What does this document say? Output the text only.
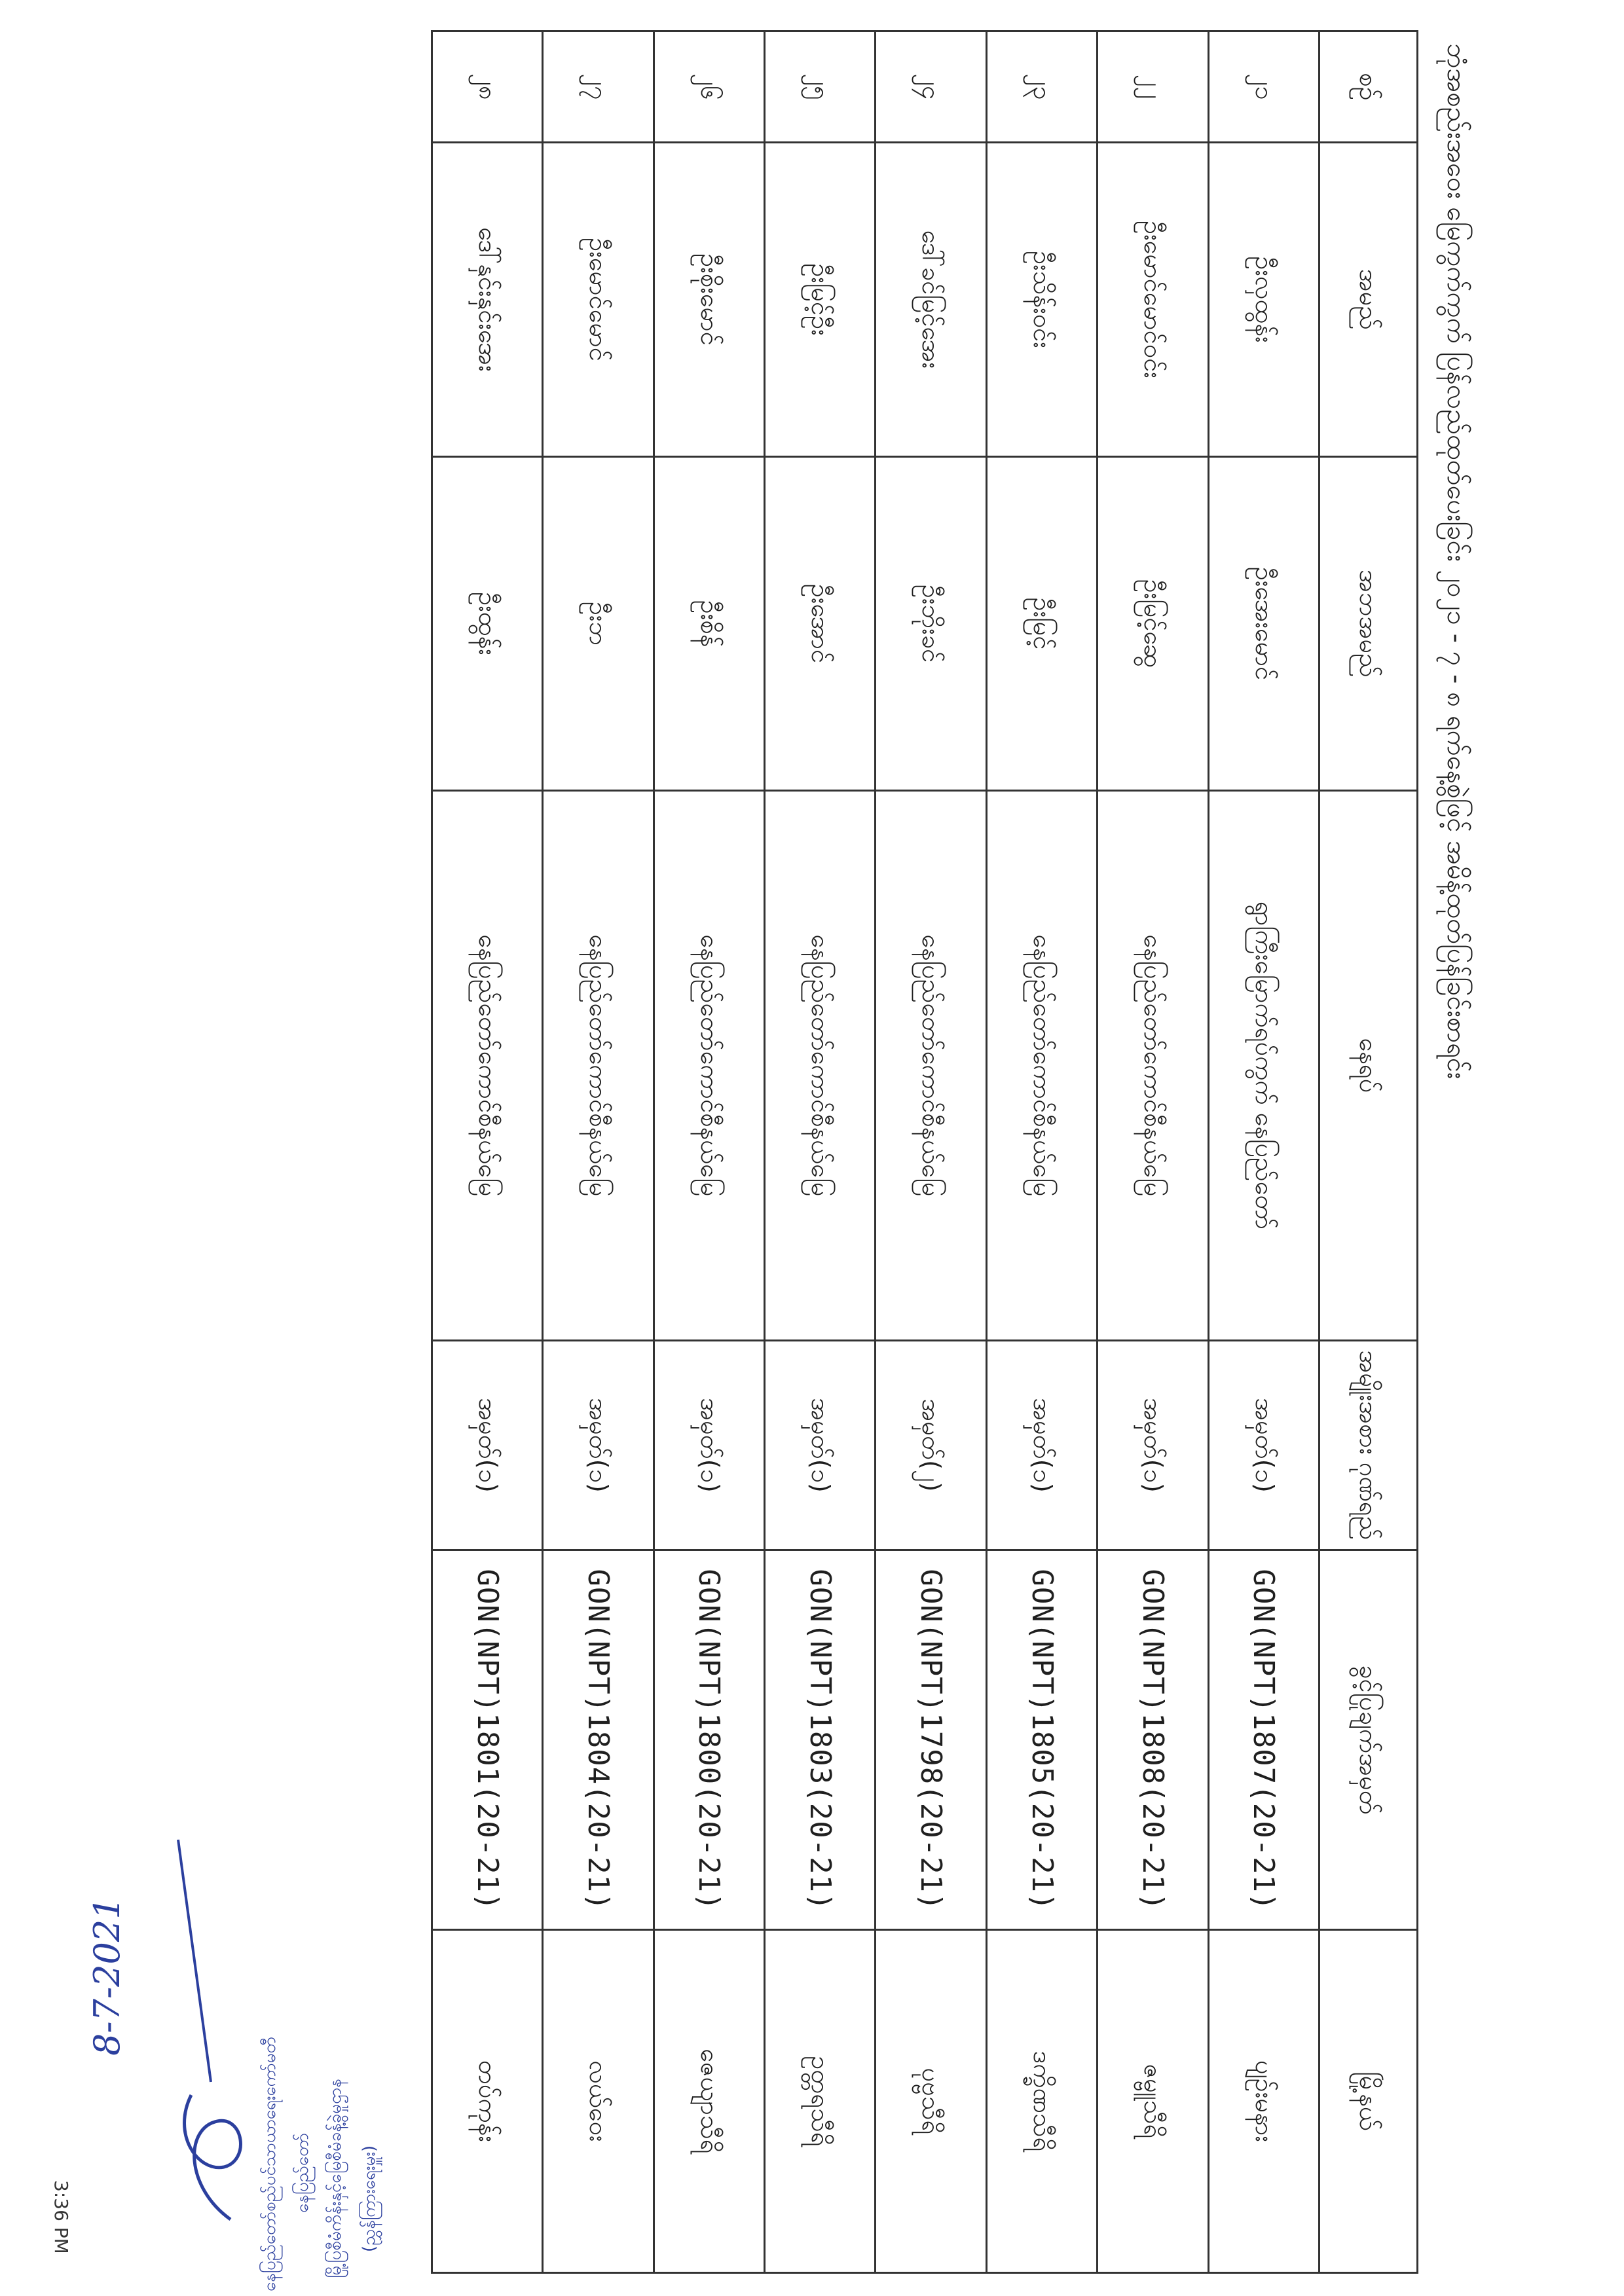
ဘုံအစည်းအဝေး မြေကွက်ကွက် ပြန်လည်ထုတ်ပေးခြင်း ၂၀၂၁ - ၇ - ၈ ရက်နေ့စွဲဖြင့် အမိန့်ထုတ်ပြန်ခြင်းစာရင်း
စဉ်	အမည်	အဘအမည်	နေရပ်	အမျိုးအစား ဂုဏ်ရည်	ခွင့်ပြုချက်အမှတ်	မြို့နယ်
၂၁	ဦးလှထွန်း	ဦးအေးမောင်	ရွာကြီးမြောက်ရပ်ကွက် နေပြည်တော်	အမှတ်(၁)	GON(NPT)1807(20-21)	ပျဉ်းမနား
၂၂	ဦးမောင်မောင်ဝင်း	ဦးမြင့်ဆွေ	နေပြည်တော်ကောင်စီနယ်မြေ	အမှတ်(၁)	GON(NPT)1808(20-21)	ဇမ္ဗူသီရိ
၂၃	ဦးသိန်းဝင်း	ဦးမြင့်	နေပြည်တော်ကောင်စီနယ်မြေ	အမှတ်(၁)	GON(NPT)1805(20-21)	ဒက္ခိဏသီရိ
၂၄	ဒေါ်ခင်မြင့်အေး	ဦးဘိုးခင်	နေပြည်တော်ကောင်စီနယ်မြေ	အမှတ်(၂)	GON(NPT)1798(20-21)	ပုဗ္ဗသီရိ
၂၅	ဦးမြင့်ဦး	ဦးအောင်	နေပြည်တော်ကောင်စီနယ်မြေ	အမှတ်(၁)	GON(NPT)1803(20-21)	ဥတ္တရသီရိ
၂၆	ဦးစိုးမောင်	ဦးစိန်	နေပြည်တော်ကောင်စီနယ်မြေ	အမှတ်(၁)	GON(NPT)1800(20-21)	ဇေယျာသီရိ
၂၇	ဦးမောင်မောင်	ဦးဘ	နေပြည်တော်ကောင်စီနယ်မြေ	အမှတ်(၁)	GON(NPT)1804(20-21)	လယ်ဝေး
၂၈	ဒေါ်နှင်းနှင်းအေး	ဦးထွန်း	နေပြည်တော်ကောင်စီနယ်မြေ	အမှတ်(၁)	GON(NPT)1801(20-21)	တပ်ကုန်း
(ညွှန်ကြားရေးမှူး)
မြို့ပြစီမံကိန်းနှင့်မြေစီမံခန့်ခွဲမှုဌာန
နေပြည်တော်
နေပြည်တော်စည်ပင်သာယာရေးကော်မတီ
8-7-2021
3:36 PM
